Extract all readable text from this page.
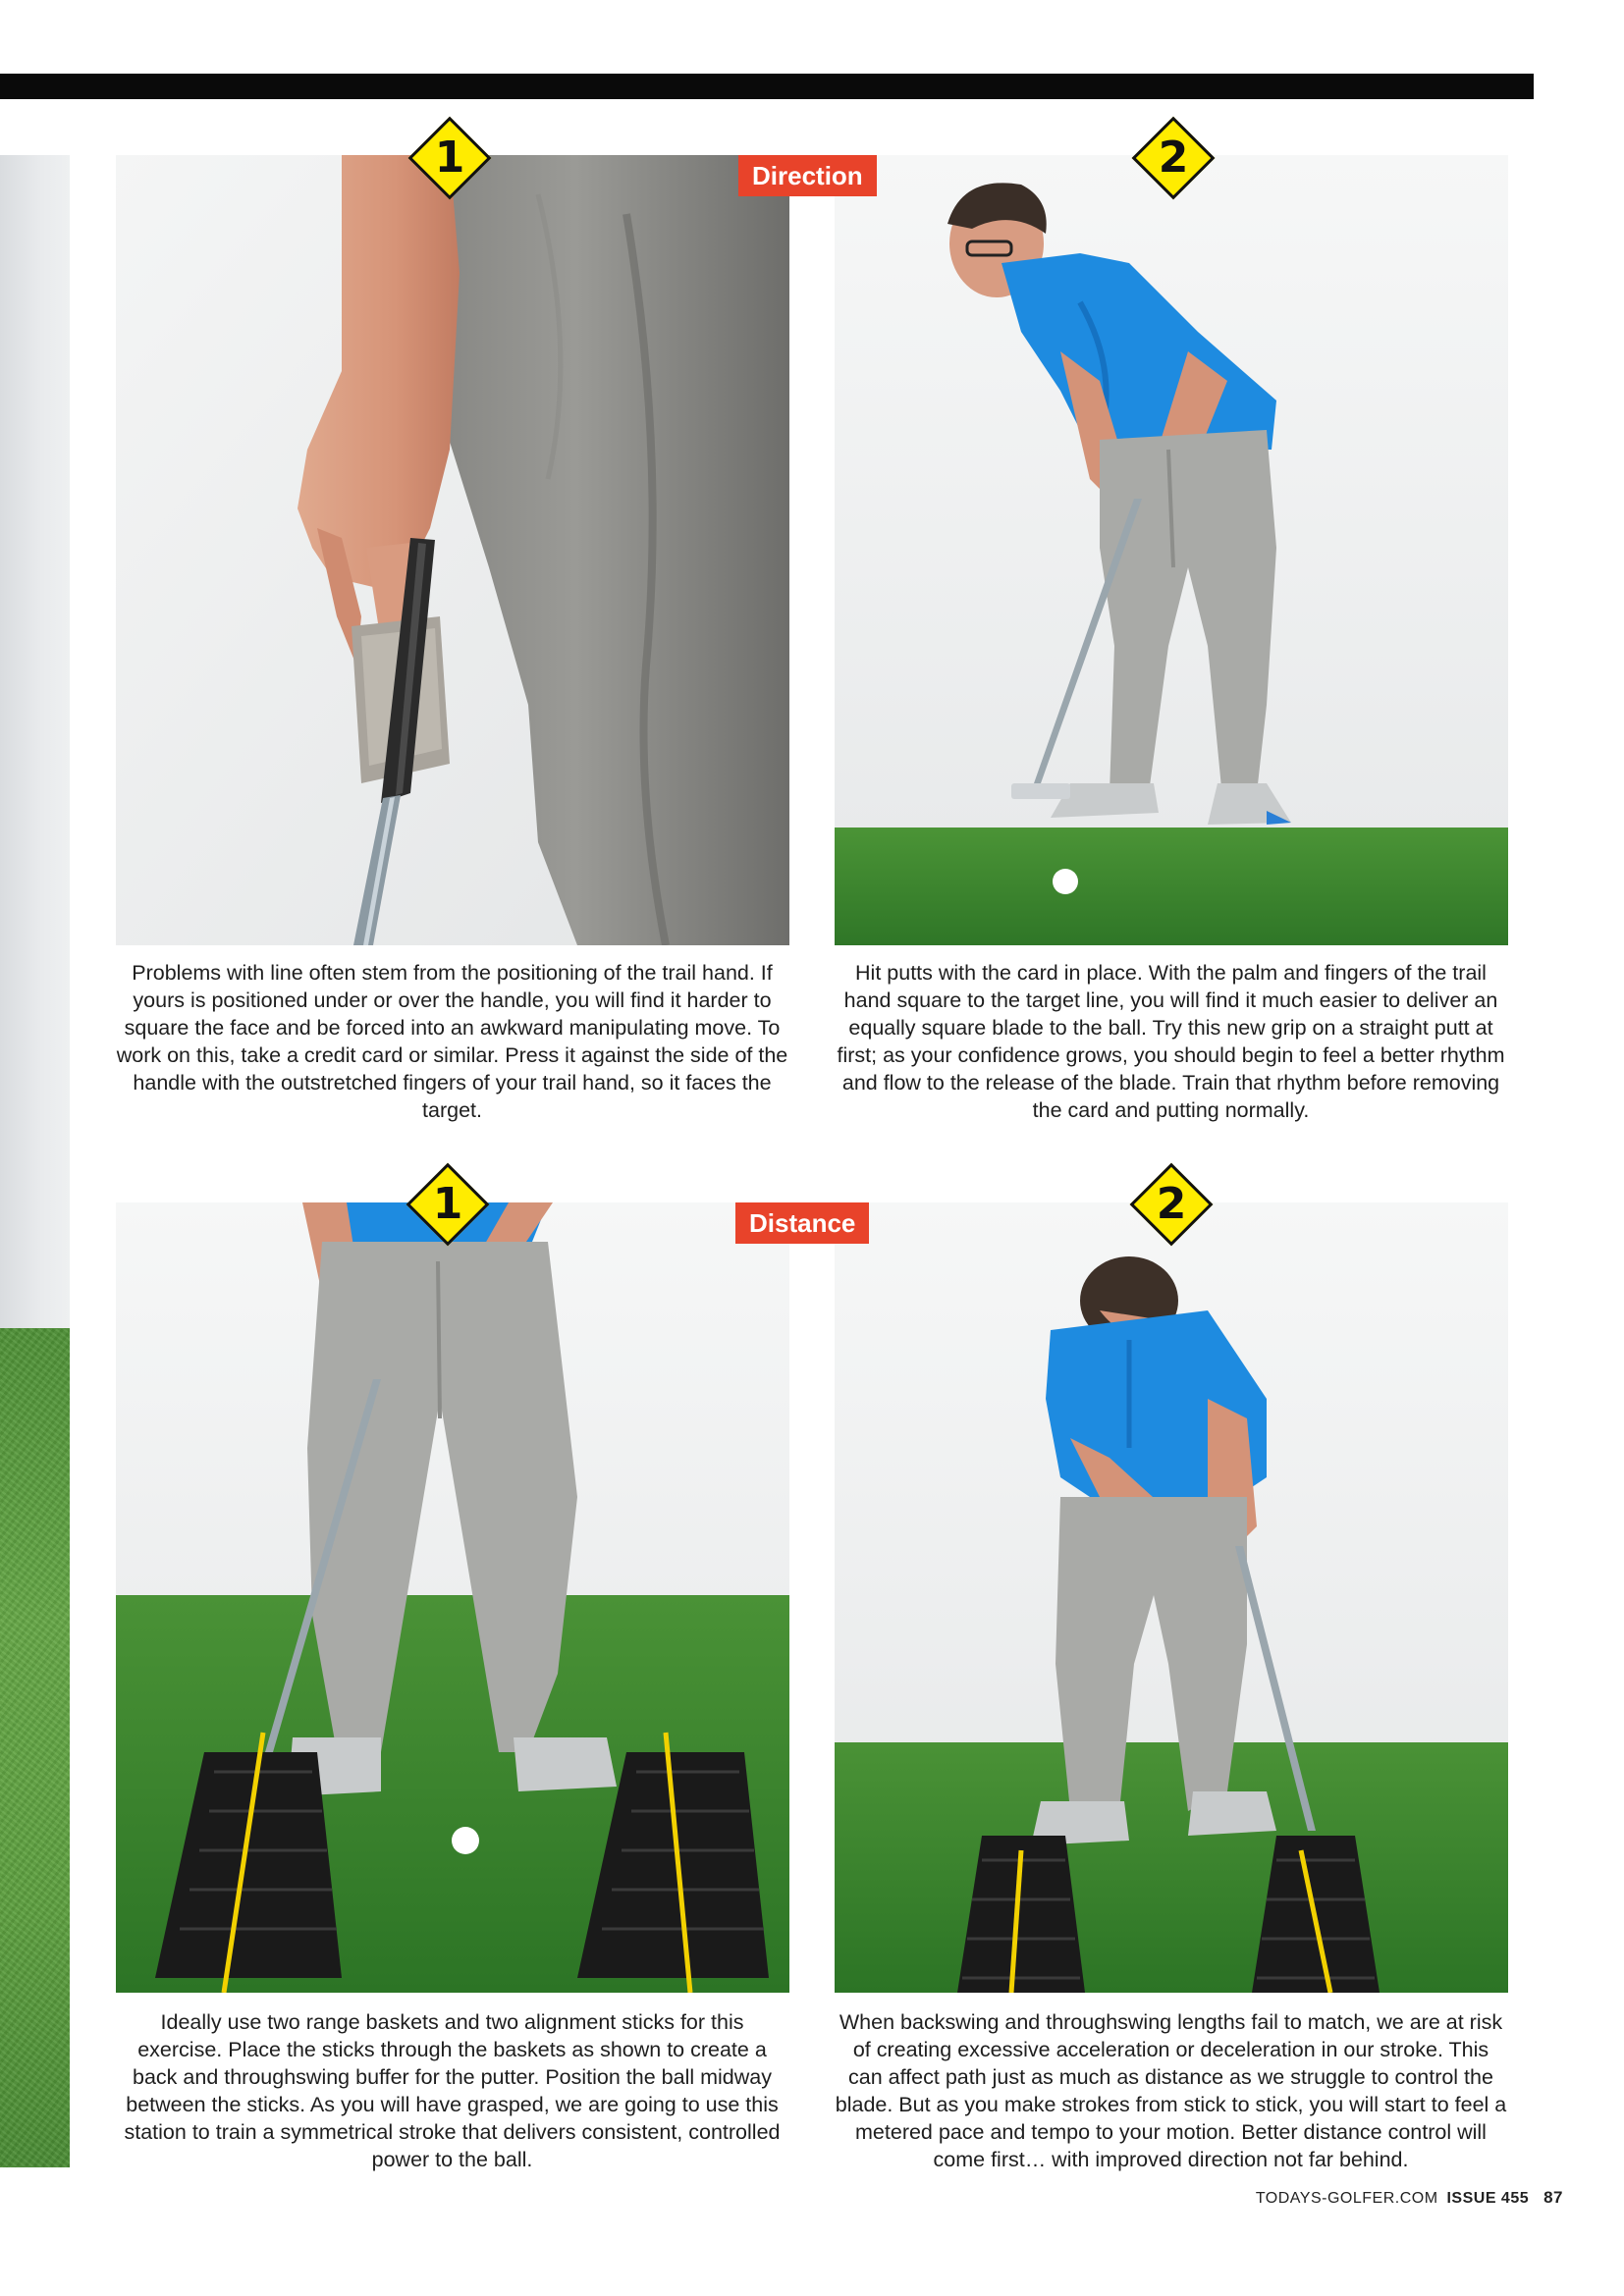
Problems with line often stem from the positioning of the trail hand. If yours is positioned under or over the handle, you will find it harder to square the face and be forced into an awkward manipulating move. To work on this, take a credit card or similar. Press it against the side of the handle with the outstretched fingers of your trail hand, so it faces the target.
Hit putts with the card in place. With the palm and fingers of the trail hand square to the target line, you will find it much easier to deliver an equally square blade to the ball. Try this new grip on a straight putt at first; as your confidence grows, you should begin to feel a better rhythm and flow to the release of the blade. Train that rhythm before removing the card and putting normally.
1	2
Direction
Ideally use two range baskets and two alignment sticks for this exercise. Place the sticks through the baskets as shown to create a back and throughswing buffer for the putter. Position the ball midway between the sticks. As you will have grasped, we are going to use this station to train a symmetrical stroke that delivers consistent, controlled power to the ball.
When backswing and throughswing lengths fail to match, we are at risk of creating excessive acceleration or deceleration in our stroke. This can affect path just as much as distance as we struggle to control the blade. But as you make strokes from stick to stick, you will start to feel a metered pace and tempo to your motion. Better distance control will come first… with improved direction not far behind.
1	2
Distance
TODAYS-GOLFER.COM ISSUE 455 87
